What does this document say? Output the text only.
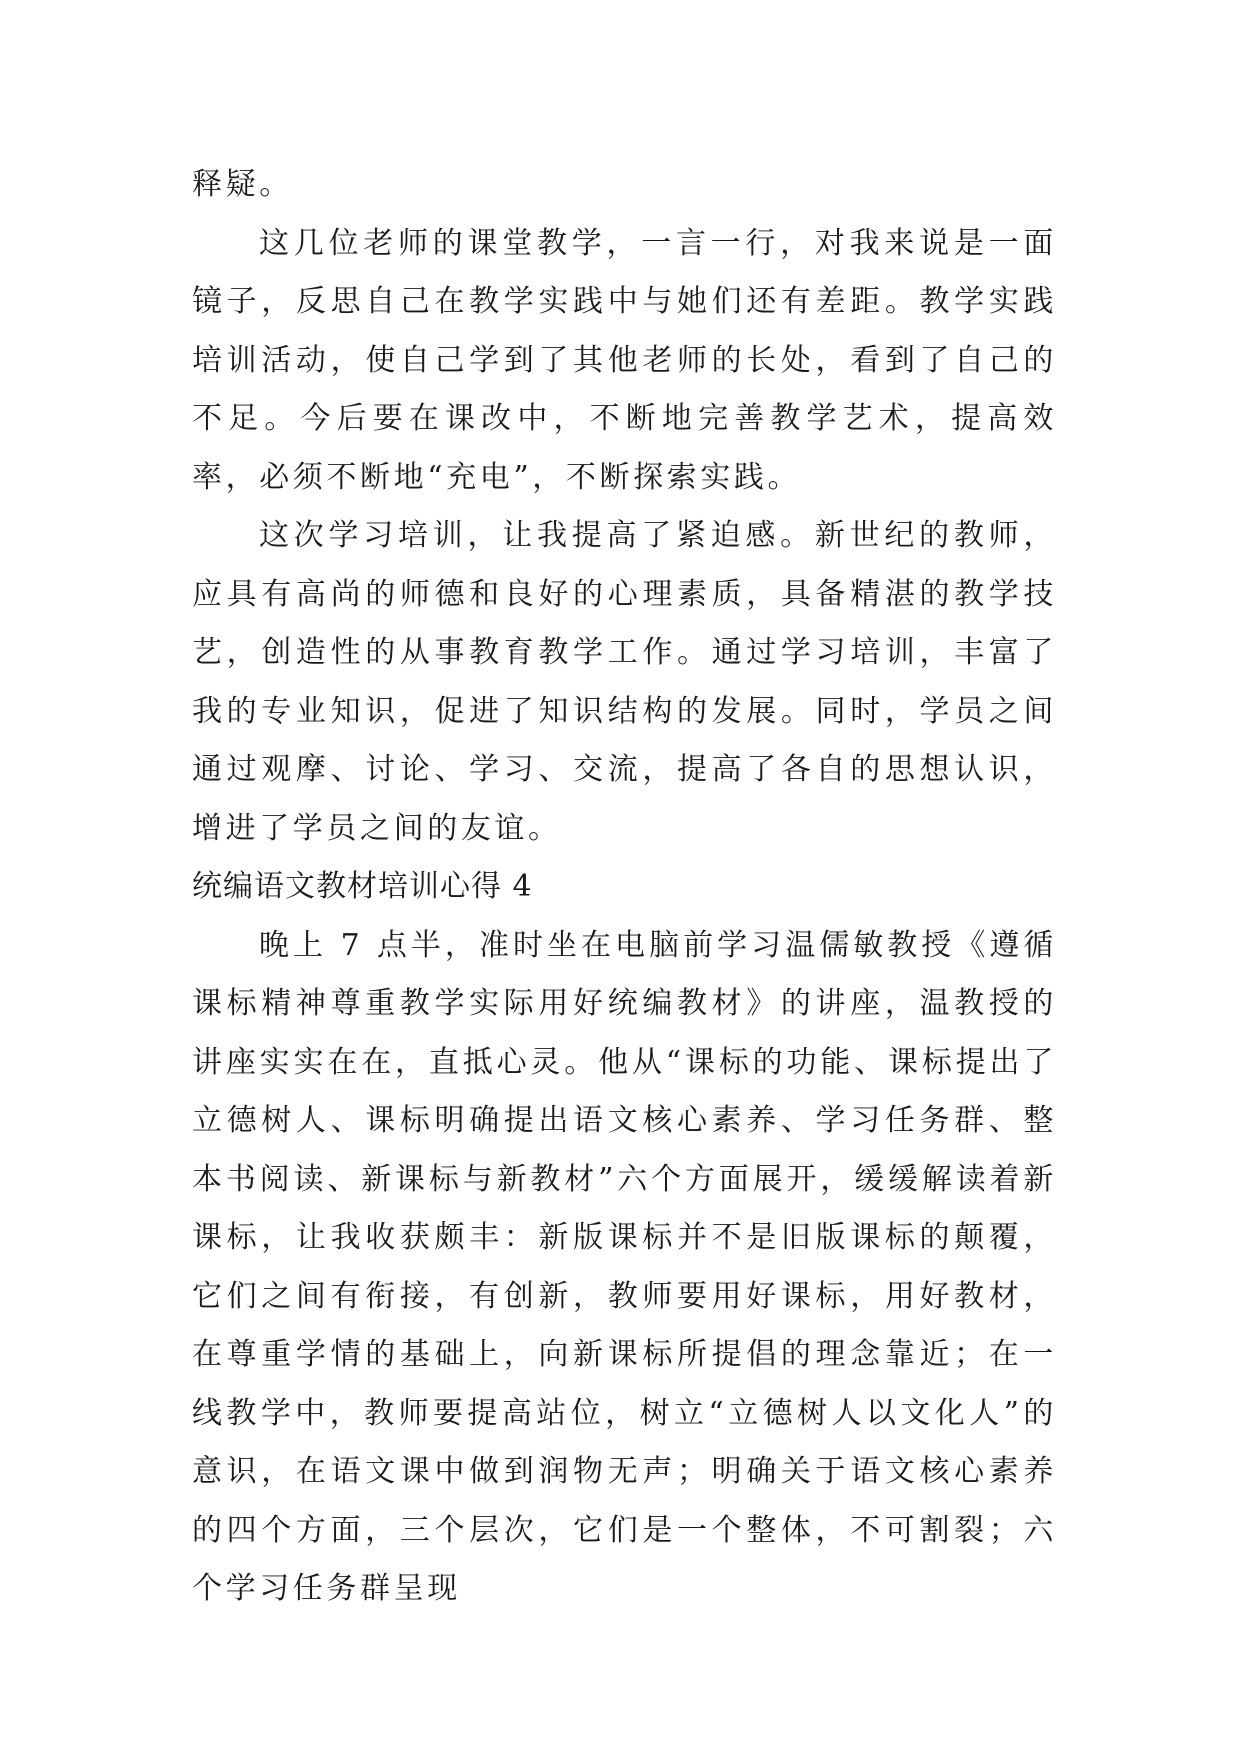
释疑。

这几位老师的课堂教学，一言一行，对我来说是一面镜子，反思自己在教学实践中与她们还有差距。教学实践培训活动，使自己学到了其他老师的长处，看到了自己的不足。今后要在课改中，不断地完善教学艺术，提高效率，必须不断地“充电”，不断探索实践。

这次学习培训，让我提高了紧迫感。新世纪的教师，应具有高尚的师德和良好的心理素质，具备精湛的教学技艺，创造性的从事教育教学工作。通过学习培训，丰富了我的专业知识，促进了知识结构的发展。同时，学员之间通过观摩、讨论、学习、交流，提高了各自的思想认识，增进了学员之间的友谊。

统编语文教材培训心得 4

晚上 7 点半，准时坐在电脑前学习温儒敏教授《遵循课标精神尊重教学实际用好统编教材》的讲座，温教授的讲座实实在在，直抵心灵。他从“课标的功能、课标提出了立德树人、课标明确提出语文核心素养、学习任务群、整本书阅读、新课标与新教材”六个方面展开，缓缓解读着新课标，让我收获颇丰：新版课标并不是旧版课标的颠覆，它们之间有衔接，有创新，教师要用好课标，用好教材，在尊重学情的基础上，向新课标所提倡的理念靠近；在一线教学中，教师要提高站位，树立“立德树人以文化人”的意识，在语文课中做到润物无声；明确关于语文核心素养的四个方面，三个层次，它们是一个整体，不可割裂；六个学习任务群呈现
